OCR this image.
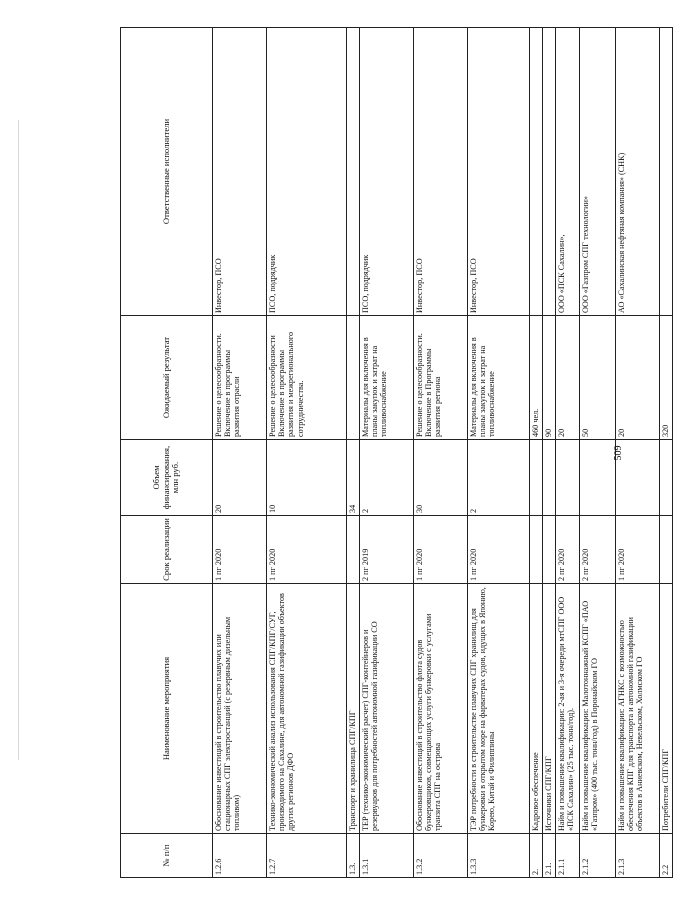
№ п/п	Наименование мероприятия	Срок реализации	Объем финансирования, млн руб.	Ожидаемый результат	Ответственные исполнители
1.2.6	Обоснование инвестиций в строительство плавучих или стационарных СПГ электростанций (с резервным дизельным топливом)	1 пг 2020	20	Решение о целесообразности. Включение в программы развития отрасли	Инвестор, ПСО
1.2.7	Технико-экономический анализ использования СПГ/КПГ/СУГ, производимого на Сахалине, для автономной газификации объектов других регионов ДФО	1 пг 2020	10	Решение о целесообразности Включение в программы развития и межрегионального сотрудничества.	ПСО, подрядчик
1.3.	Транспорт и хранилища СПГ/КПГ		34		
1.3.1	ТЕР (технико-экономический расчет) СПГ-контейнеров и резервуаров для потребностей автономной газификации СО	2 пг 2019	2	Материалы для включения в планы закупок и затрат на топливоснабжение	ПСО, подрядчик
1.3.2	Обоснование инвестиций в строительство флота судов бункеровщиков, совмещающих услуги бункеровки с услугами транзита СПГ на острова	1 пг 2020	30	Решение о целесообразности. Включение в Программы развития региона	Инвестор, ПСО
1.3.3	ТЭР потребности в строительстве плавучих СПГ хранилищ для бункеровки в открытом море на фарватерах судов, идущих в Японию, Корею, Китай и Филиппины	1 пг 2020	2	Материалы для включения в планы закупок и затрат на топливоснабжение	Инвестор, ПСО
2.	Кадровое обеспечение			460 чел.	
2.1.	Источники СПГ/КПГ			90	
2.1.1	Найм и повышение квалификации: 2-ая и 3-я очереди мтСПГ ООО «ПСК Сахалин» (25 тыс. тонн/год).	2 пг 2020		20	ООО «ПСК Сахалин»,
2.1.2	Найм и повышение квалификации: Малотоннажный КСПГ «ПАО «Газпром» (400 тыс. тонн/год) в Поронайском ГО	2 пг 2020		50	ООО «Газпром СПГ технологии»
2.1.3	Найм и повышение квалификации: АГНКС с возможностью обеспечения КПГ для транспорта и автономной газификации объектов в Аниевском, Невельском, Холмском ГО	1 пг 2020		20	АО «Сахалинская нефтяная компания» (СНК)
2.2	Потребители СПГ/КПГ			320	
509
